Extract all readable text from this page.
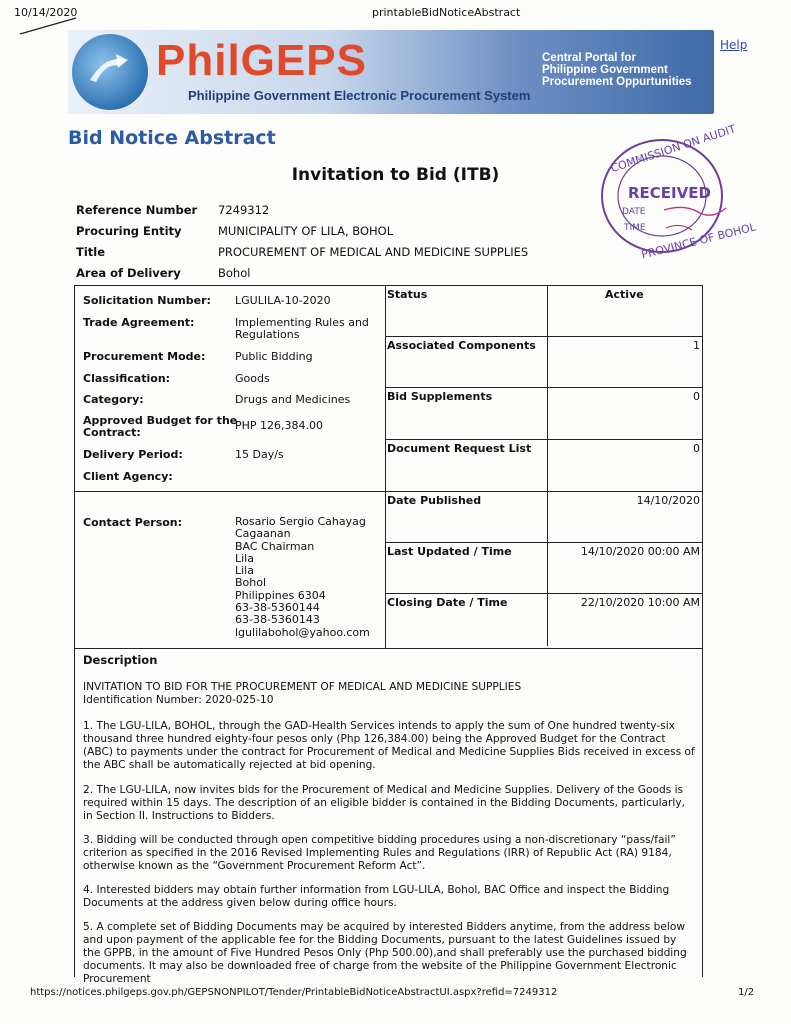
10/14/2020	printableBidNoticeAbstract
Help
PhilGEPS
Philippine Government Electronic Procurement System
Central Portal for
Philippine Government
Procurement Oppurtunities
Bid Notice Abstract
Invitation to Bid (ITB)	COMMISSION ON AUDIT
RECEIVED
DATE
TIME
PROVINCE OF BOHOL
Reference Number 7249312
Procuring Entity	MUNICIPALITY OF LILA, BOHOL
Title	PROCUREMENT OF MEDICAL AND MEDICINE SUPPLIES
Area of Delivery	Bohol
Solicitation Number: LGULILA-10-2020
Trade Agreement:	Implementing Rules and
Regulations
Procurement Mode:	Public Bidding
Classification:	Goods
Category:	Drugs and Medicines
Approved Budget for the
Contract:
PHP 126,384.00
Delivery Period:	15 Day/s
Client Agency:
Contact Person:	Rosario Sergio Cahayag
Cagaanan
BAC Chairman
Lila
Lila
Bohol
Philippines 6304
63-38-5360144
63-38-5360143
lgulilabohol@yahoo.com
Status	Active
Associated Components	1
Bid Supplements	0
Document Request List	0
Date Published	14/10/2020
Last Updated / Time	14/10/2020 00:00 AM
Closing Date / Time	22/10/2020 10:00 AM
Description

INVITATION TO BID FOR THE PROCUREMENT OF MEDICAL AND MEDICINE SUPPLIES

Identification Number: 2020-025-10

1. The LGU-LILA, BOHOL, through the GAD-Health Services intends to apply the sum of One hundred twenty-six thousand three hundred eighty-four pesos only (Php 126,384.00) being the Approved Budget for the Contract (ABC) to payments under the contract for Procurement of Medical and Medicine Supplies Bids received in excess of the ABC shall be automatically rejected at bid opening.
2. The LGU-LILA, now invites bids for the Procurement of Medical and Medicine Supplies. Delivery of the Goods is required within 15 days. The description of an eligible bidder is contained in the Bidding Documents, particularly, in Section II. Instructions to Bidders.
3. Bidding will be conducted through open competitive bidding procedures using a non-discretionary “pass/fail” criterion as specified in the 2016 Revised Implementing Rules and Regulations (IRR) of Republic Act (RA) 9184, otherwise known as the “Government Procurement Reform Act”.
4. Interested bidders may obtain further information from LGU-LILA, Bohol, BAC Office and inspect the Bidding Documents at the address given below during office hours.
5. A complete set of Bidding Documents may be acquired by interested Bidders anytime, from the address below and upon payment of the applicable fee for the Bidding Documents, pursuant to the latest Guidelines issued by the GPPB, in the amount of Five Hundred Pesos Only (Php 500.00),and shall preferably use the purchased bidding documents. It may also be downloaded free of charge from the website of the Philippine Government Electronic Procurement
https://notices.philgeps.gov.ph/GEPSNONPILOT/Tender/PrintableBidNoticeAbstractUI.aspx?refid=7249312	1/2
